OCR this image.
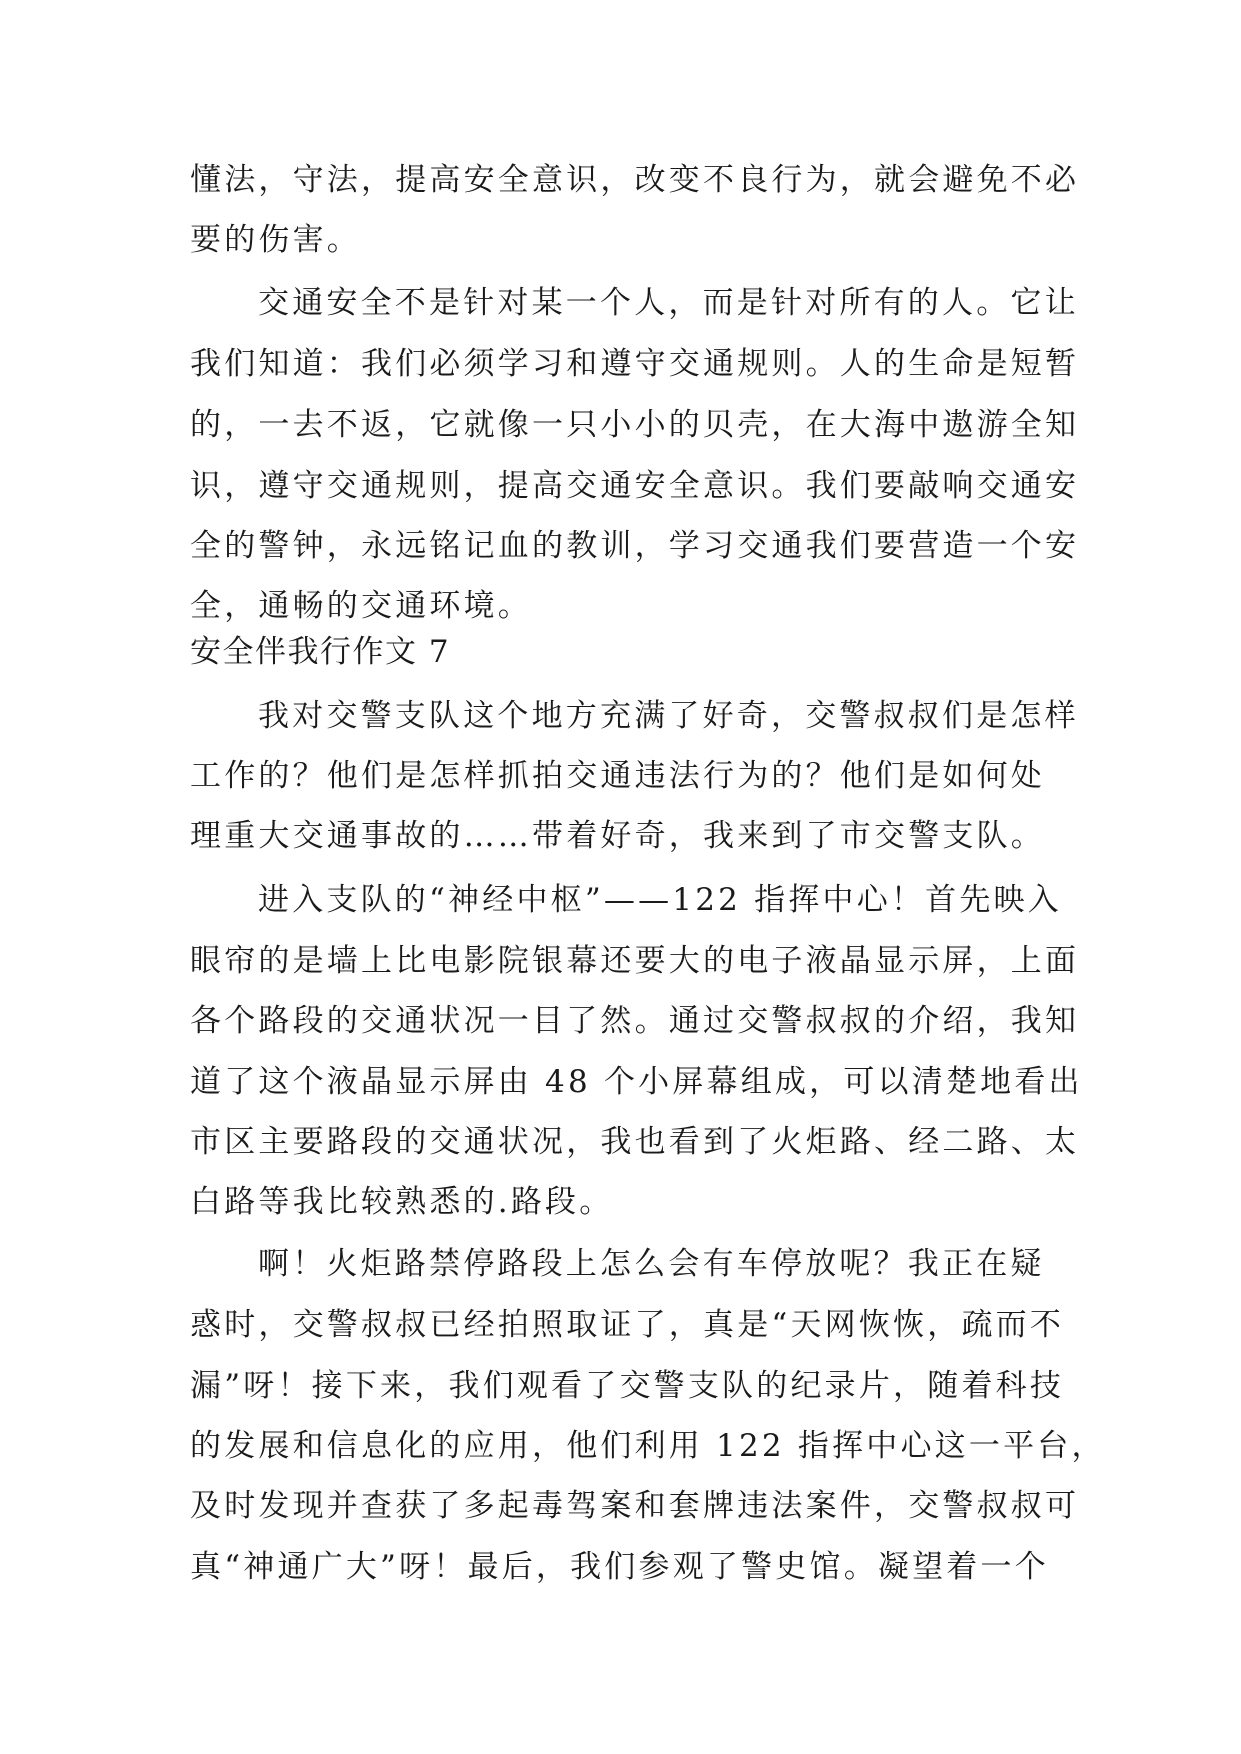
懂法，守法，提高安全意识，改变不良行为，就会避免不必
要的伤害。
交通安全不是针对某一个人，而是针对所有的人。它让
我们知道：我们必须学习和遵守交通规则。人的生命是短暂
的，一去不返，它就像一只小小的贝壳，在大海中遨游全知
识，遵守交通规则，提高交通安全意识。我们要敲响交通安
全的警钟，永远铭记血的教训，学习交通我们要营造一个安
全，通畅的交通环境。
安全伴我行作文 7
我对交警支队这个地方充满了好奇，交警叔叔们是怎样
工作的？他们是怎样抓拍交通违法行为的？他们是如何处
理重大交通事故的……带着好奇，我来到了市交警支队。
进入支队的“神经中枢”——122 指挥中心！首先映入
眼帘的是墙上比电影院银幕还要大的电子液晶显示屏，上面
各个路段的交通状况一目了然。通过交警叔叔的介绍，我知
道了这个液晶显示屏由 48 个小屏幕组成，可以清楚地看出
市区主要路段的交通状况，我也看到了火炬路、经二路、太
白路等我比较熟悉的.路段。
啊！火炬路禁停路段上怎么会有车停放呢？我正在疑
惑时，交警叔叔已经拍照取证了，真是“天网恢恢，疏而不
漏”呀！接下来，我们观看了交警支队的纪录片，随着科技
的发展和信息化的应用，他们利用 122 指挥中心这一平台，
及时发现并查获了多起毒驾案和套牌违法案件，交警叔叔可
真“神通广大”呀！最后，我们参观了警史馆。凝望着一个
